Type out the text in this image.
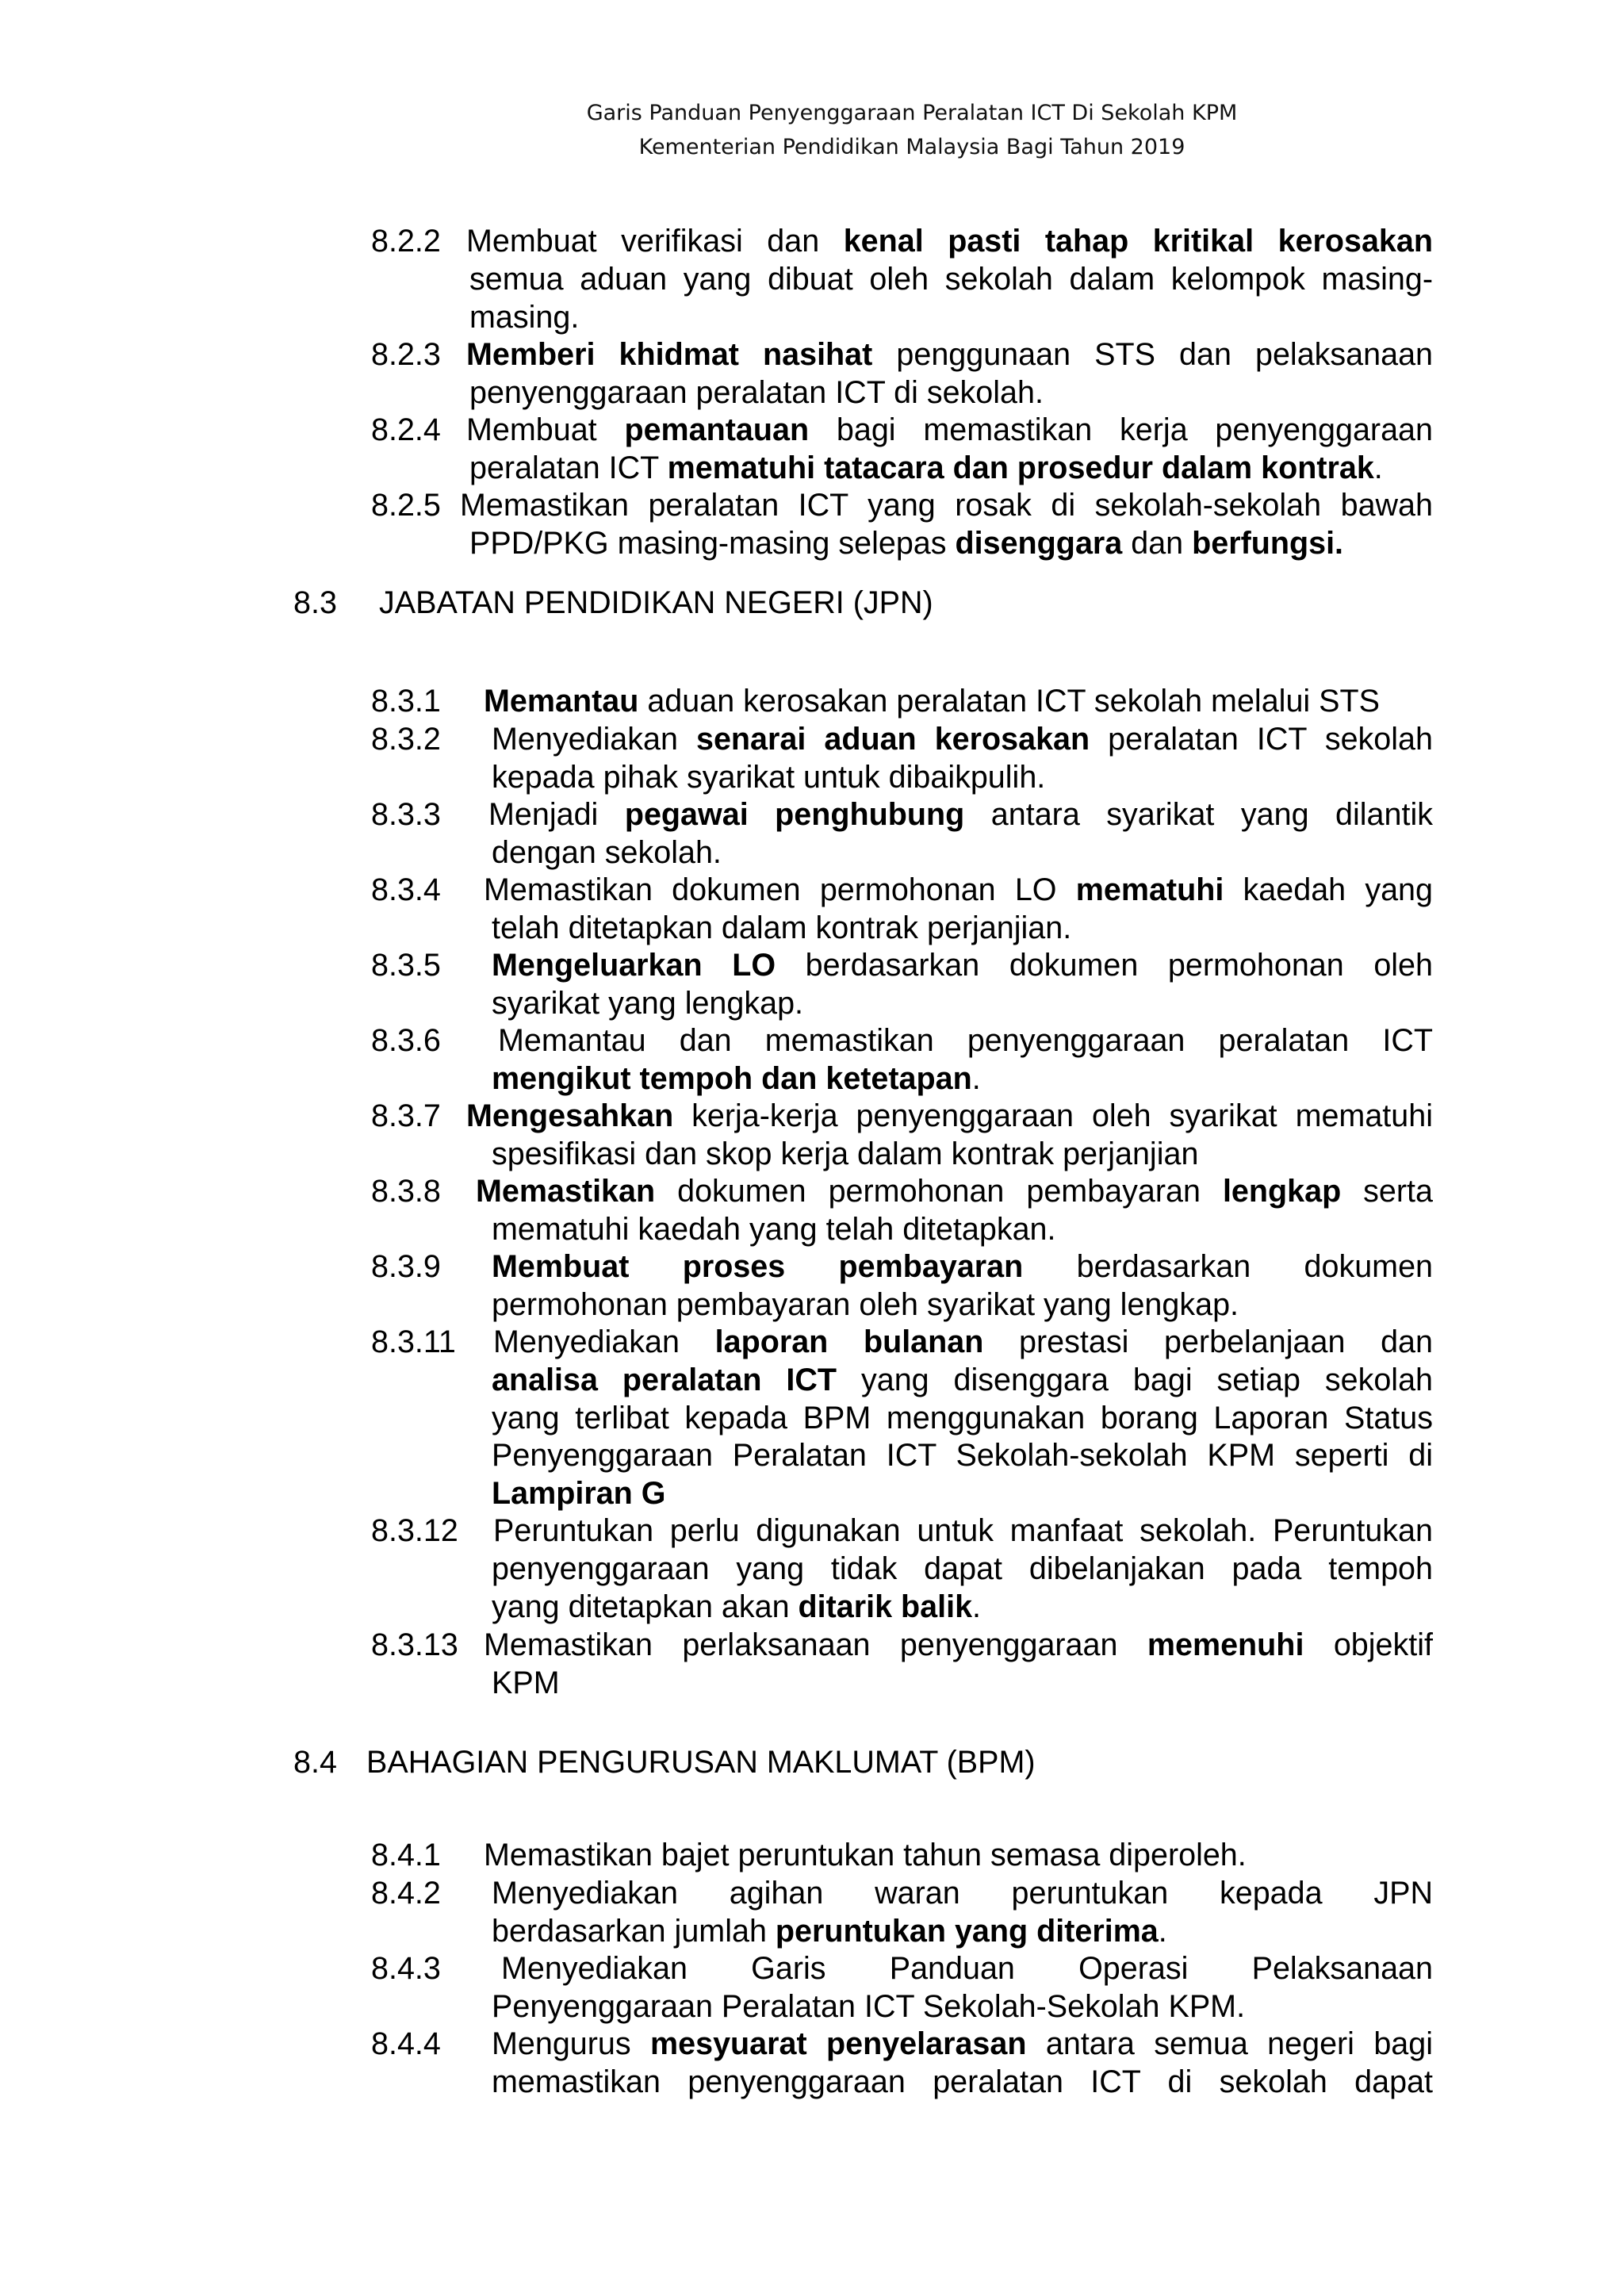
Garis Panduan Penyenggaraan Peralatan ICT Di Sekolah KPM
Kementerian Pendidikan Malaysia Bagi Tahun 2019
8.2.2 Membuat verifikasi dan kenal pasti tahap kritikal kerosakan
semua aduan yang dibuat oleh sekolah dalam kelompok masing-
masing.
8.2.3 Memberi khidmat nasihat penggunaan STS dan pelaksanaan
penyenggaraan peralatan ICT di sekolah.
8.2.4 Membuat pemantauan bagi memastikan kerja penyenggaraan
peralatan ICT mematuhi tatacara dan prosedur dalam kontrak.
8.2.5 Memastikan peralatan ICT yang rosak di sekolah-sekolah bawah
PPD/PKG masing-masing selepas disenggara dan berfungsi.
8.3 JABATAN PENDIDIKAN NEGERI (JPN)
8.3.1 Memantau aduan kerosakan peralatan ICT sekolah melalui STS
8.3.2 Menyediakan senarai aduan kerosakan peralatan ICT sekolah
kepada pihak syarikat untuk dibaikpulih.
8.3.3 Menjadi pegawai penghubung antara syarikat yang dilantik
dengan sekolah.
8.3.4 Memastikan dokumen permohonan LO mematuhi kaedah yang
telah ditetapkan dalam kontrak perjanjian.
8.3.5 Mengeluarkan LO berdasarkan dokumen permohonan oleh
syarikat yang lengkap.
8.3.6 Memantau dan memastikan penyenggaraan peralatan ICT
mengikut tempoh dan ketetapan.
8.3.7 Mengesahkan kerja-kerja penyenggaraan oleh syarikat mematuhi
spesifikasi dan skop kerja dalam kontrak perjanjian
8.3.8 Memastikan dokumen permohonan pembayaran lengkap serta
mematuhi kaedah yang telah ditetapkan.
8.3.9 Membuat proses pembayaran berdasarkan dokumen
permohonan pembayaran oleh syarikat yang lengkap.
8.3.11 Menyediakan laporan bulanan prestasi perbelanjaan dan
analisa peralatan ICT yang disenggara bagi setiap sekolah
yang terlibat kepada BPM menggunakan borang Laporan Status
Penyenggaraan Peralatan ICT Sekolah-sekolah KPM seperti di
Lampiran G
8.3.12 Peruntukan perlu digunakan untuk manfaat sekolah. Peruntukan
penyenggaraan yang tidak dapat dibelanjakan pada tempoh
yang ditetapkan akan ditarik balik.
8.3.13 Memastikan perlaksanaan penyenggaraan memenuhi objektif
KPM
8.4 BAHAGIAN PENGURUSAN MAKLUMAT (BPM)
8.4.1 Memastikan bajet peruntukan tahun semasa diperoleh.
8.4.2 Menyediakan agihan waran peruntukan kepada JPN
berdasarkan jumlah peruntukan yang diterima.
8.4.3 Menyediakan Garis Panduan Operasi Pelaksanaan
Penyenggaraan Peralatan ICT Sekolah-Sekolah KPM.
8.4.4 Mengurus mesyuarat penyelarasan antara semua negeri bagi
memastikan penyenggaraan peralatan ICT di sekolah dapat
